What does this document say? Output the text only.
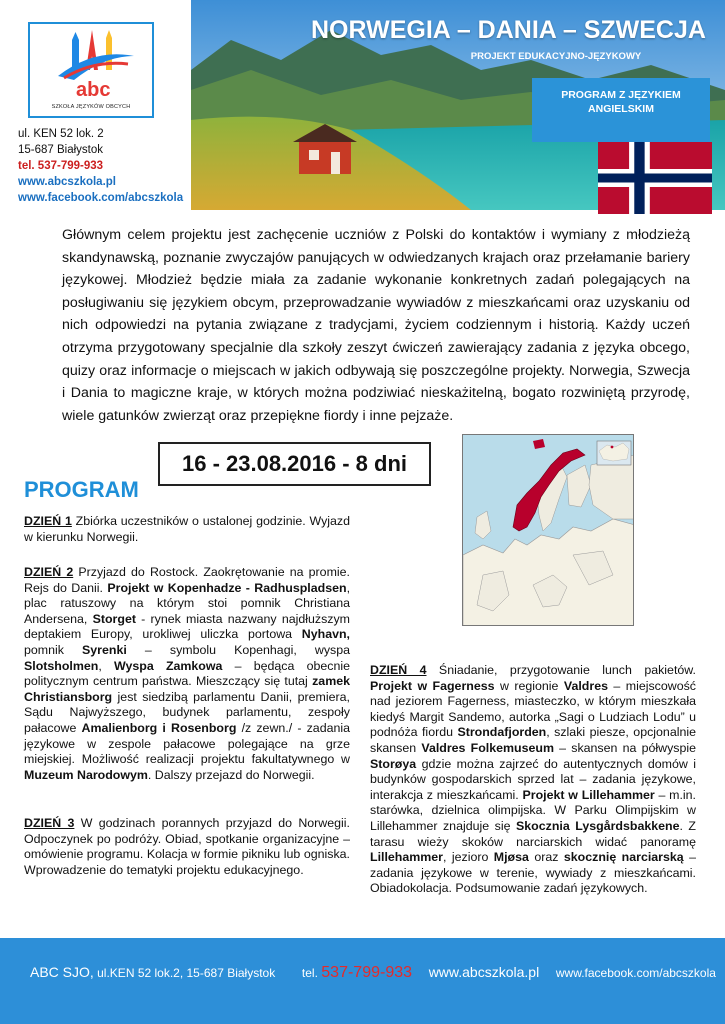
abc
SZKOŁA JĘZYKÓW OBCYCH
ul. KEN 52 lok. 2
15-687 Białystok
tel. 537-799-933
www.abcszkola.pl
www.facebook.com/abcszkola
NORWEGIA – DANIA – SZWECJA
PROJEKT EDUKACYJNO-JĘZYKOWY
PROGRAM Z JĘZYKIEM
ANGIELSKIM

Głównym celem projektu jest zachęcenie uczniów z Polski do kontaktów i wymiany z młodzieżą skandynawską, poznanie zwyczajów panujących w odwiedzanych krajach oraz przełamanie bariery językowej. Młodzież będzie miała za zadanie wykonanie konkretnych zadań polegających na posługiwaniu się językiem obcym, przeprowadzanie wywiadów z mieszkańcami oraz uzyskaniu od nich odpowiedzi na pytania związane z tradycjami, życiem codziennym i historią. Każdy uczeń otrzyma przygotowany specjalnie dla szkoły zeszyt ćwiczeń zawierający zadania z języka obcego, quizy oraz informacje o miejscach w jakich odbywają się poszczególne projekty. Norwegia, Szwecja i Dania to magiczne kraje, w których można podziwiać nieskażitelną, bogato rozwiniętą przyrodę, wiele gatunków zwierząt oraz przepiękne fiordy i inne pejzaże.

16 - 23.08.2016 - 8 dni
PROGRAM
DZIEŃ 1 Zbiórka uczestników o ustalonej godzinie. Wyjazd w kierunku Norwegii.
DZIEŃ 2 Przyjazd do Rostock. Zaokrętowanie na promie. Rejs do Danii. Projekt w Kopenhadze - Radhuspladsen, plac ratuszowy na którym stoi pomnik Christiana Andersena, Storget - rynek miasta nazwany najdłuższym deptakiem Europy, urokliwej uliczka portowa Nyhavn, pomnik Syrenki – symbolu Kopenhagi, wyspa Slotsholmen, Wyspa Zamkowa – będąca obecnie politycznym centrum państwa. Mieszczący się tutaj zamek Christiansborg jest siedzibą parlamentu Danii, premiera, Sądu Najwyższego, budynek parlamentu, zespoły pałacowe Amalienborg i Rosenborg /z zewn./ - zadania językowe w zespole pałacowe polegające na grze miejskiej. Możliwość realizacji projektu fakultatywnego w Muzeum Narodowym. Dalszy przejazd do Norwegii.
DZIEŃ 3 W godzinach porannych przyjazd do Norwegii. Odpoczynek po podróży. Obiad, spotkanie organizacyjne – omówienie programu. Kolacja w formie pikniku lub ogniska. Wprowadzenie do tematyki projektu edukacyjnego.
DZIEŃ 4 Śniadanie, przygotowanie lunch pakietów. Projekt w Fagerness w regionie Valdres – miejscowość nad jeziorem Fagerness, miasteczko, w którym mieszkała kiedyś Margit Sandemo, autorka „Sagi o Ludziach Lodu” u podnóża fiordu Strondafjorden, szlaki piesze, opcjonalnie skansen Valdres Folkemuseum – skansen na półwyspie Storøya gdzie można zajrzeć do autentycznych domów i budynków gospodarskich sprzed lat – zadania językowe, interakcja z mieszkańcami. Projekt w Lillehammer – m.in. starówka, dzielnica olimpijska. W Parku Olimpijskim w Lillehammer znajduje się Skocznia Lysgårdsbakkene. Z tarasu wieży skoków narciarskich widać panoramę Lillehammer, jezioro Mjøsa oraz skocznię narciarską – zadania językowe w terenie, wywiady z mieszkańcami. Obiadokolacja. Podsumowanie zadań językowych.
ABC SJO, ul.KEN 52 lok.2, 15-687 Białystok tel. 537-799-933 www.abcszkola.pl www.facebook.com/abcszkola
